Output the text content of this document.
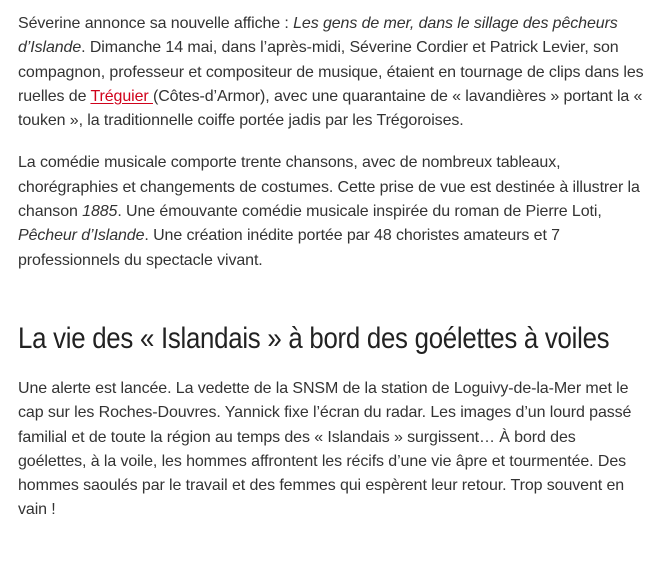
Séverine annonce sa nouvelle affiche : Les gens de mer, dans le sillage des pêcheurs d’Islande. Dimanche 14 mai, dans l’après-midi, Séverine Cordier et Patrick Levier, son compagnon, professeur et compositeur de musique, étaient en tournage de clips dans les ruelles de Tréguier (Côtes-d’Armor), avec une quarantaine de « lavandières » portant la « touken », la traditionnelle coiffe portée jadis par les Trégoroises.

La comédie musicale comporte trente chansons, avec de nombreux tableaux, chorégraphies et changements de costumes. Cette prise de vue est destinée à illustrer la chanson 1885. Une émouvante comédie musicale inspirée du roman de Pierre Loti, Pêcheur d’Islande. Une création inédite portée par 48 choristes amateurs et 7 professionnels du spectacle vivant.

La vie des « Islandais » à bord des goélettes à voiles

Une alerte est lancée. La vedette de la SNSM de la station de Loguivy-de-la-Mer met le cap sur les Roches-Douvres. Yannick fixe l’écran du radar. Les images d’un lourd passé familial et de toute la région au temps des « Islandais » surgissent… À bord des goélettes, à la voile, les hommes affrontent les récifs d’une vie âpre et tourmentée. Des hommes saoulés par le travail et des femmes qui espèrent leur retour. Trop souvent en vain !
